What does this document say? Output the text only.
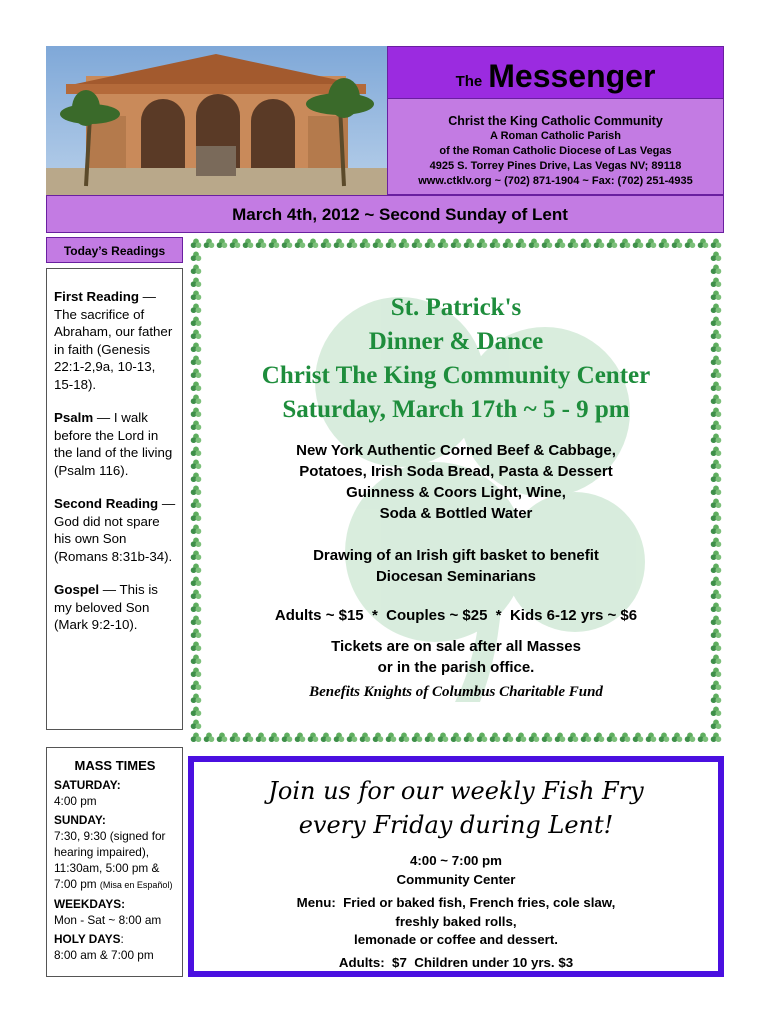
The Messenger
Christ the King Catholic Community
A Roman Catholic Parish
of the Roman Catholic Diocese of Las Vegas
4925 S. Torrey Pines Drive, Las Vegas NV; 89118
www.ctklv.org ~ (702) 871-1904 ~ Fax: (702) 251-4935
March 4th, 2012 ~ Second Sunday of Lent
Today’s Readings
First Reading — The sacrifice of Abraham, our father in faith (Genesis 22:1-2,9a, 10-13, 15-18).
Psalm — I walk before the Lord in the land of the living (Psalm 116).
Second Reading — God did not spare his own Son (Romans 8:31b-34).
Gospel — This is my beloved Son (Mark 9:2-10).
MASS TIMES
SATURDAY:
4:00 pm
SUNDAY:
7:30, 9:30 (signed for hearing impaired), 11:30am, 5:00 pm & 7:00 pm (Misa en Español)
WEEKDAYS:
Mon - Sat ~ 8:00 am
HOLY DAYS:
8:00 am & 7:00 pm
St. Patrick's
Dinner & Dance
Christ The King Community Center
Saturday, March 17th ~ 5 - 9 pm
New York Authentic Corned Beef & Cabbage,
Potatoes, Irish Soda Bread, Pasta & Dessert
Guinness & Coors Light, Wine,
Soda & Bottled Water
Drawing of an Irish gift basket to benefit
Diocesan Seminarians
Adults ~ $15  *  Couples ~ $25  *  Kids 6-12 yrs ~ $6
Tickets are on sale after all Masses
or in the parish office.
Benefits Knights of Columbus Charitable Fund
Join us for our weekly Fish Fry
every Friday during Lent!
4:00 ~ 7:00 pm
Community Center
Menu:  Fried or baked fish, French fries, cole slaw,
freshly baked rolls,
lemonade or coffee and dessert.
Adults:  $7  Children under 10 yrs. $3
